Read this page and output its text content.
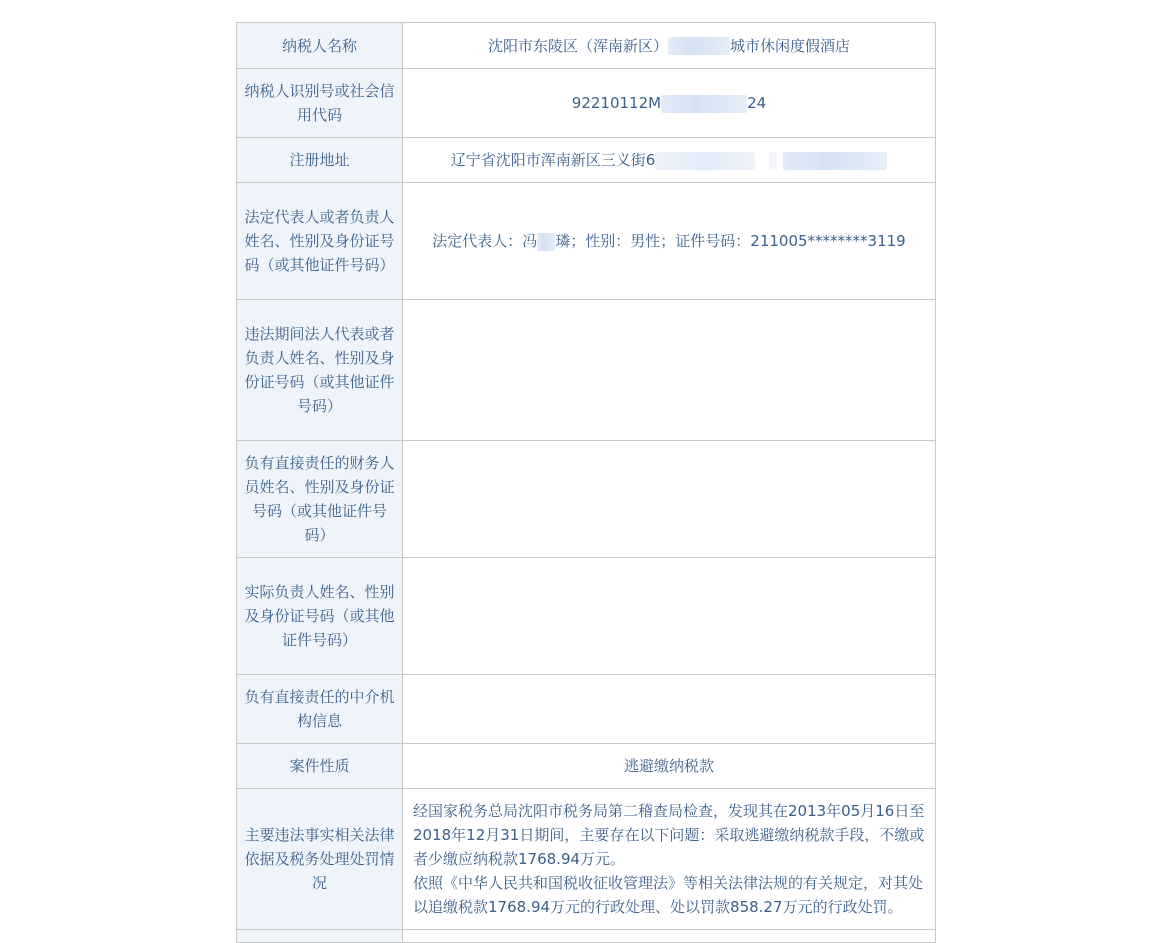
纳税人名称	沈阳市东陵区（浑南新区） 城市休闲度假酒店
纳税人识别号或社会信用代码	92210112M 24
注册地址	辽宁省沈阳市浑南新区三义街6
法定代表人或者负责人姓名、性别及身份证号码（或其他证件号码）	法定代表人：冯 璘；性别：男性；证件号码：211005********3119
违法期间法人代表或者负责人姓名、性别及身份证号码（或其他证件号码）	
负有直接责任的财务人员姓名、性别及身份证号码（或其他证件号码）	
实际负责人姓名、性别及身份证号码（或其他证件号码）	
负有直接责任的中介机构信息	
案件性质	逃避缴纳税款
主要违法事实相关法律依据及税务处理处罚情况	经国家税务总局沈阳市税务局第二稽查局检查，发现其在2013年05月16日至2018年12月31日期间，主要存在以下问题：采取逃避缴纳税款手段，不缴或者少缴应纳税款1768.94万元。
依照《中华人民共和国税收征收管理法》等相关法律法规的有关规定，对其处以追缴税款1768.94万元的行政处理、处以罚款858.27万元的行政处罚。
